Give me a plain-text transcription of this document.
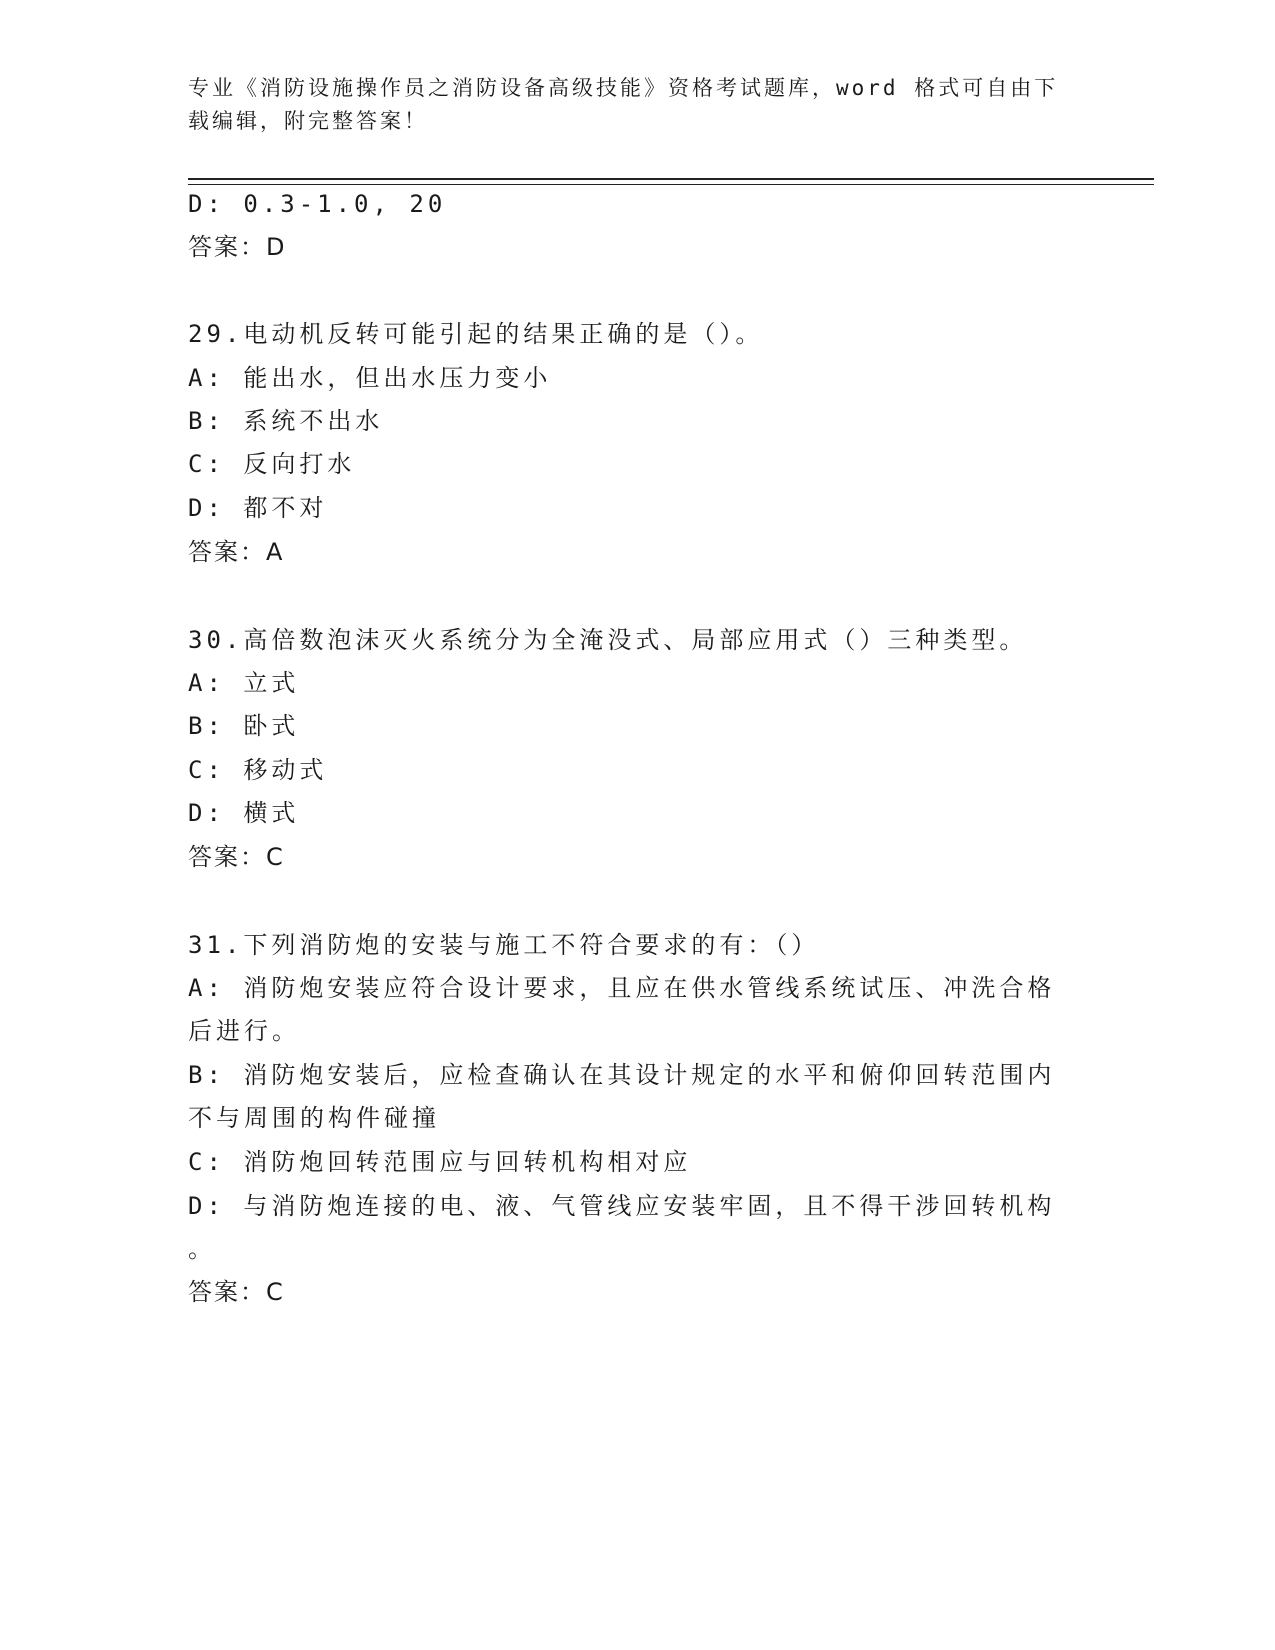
专业《消防设施操作员之消防设备高级技能》资格考试题库，word 格式可自由下
载编辑，附完整答案！
D: 0.3-1.0, 20
答案：D
29.电动机反转可能引起的结果正确的是（）。
A: 能出水，但出水压力变小
B: 系统不出水
C: 反向打水
D: 都不对
答案：A
30.高倍数泡沫灭火系统分为全淹没式、局部应用式（）三种类型。
A: 立式
B: 卧式
C: 移动式
D: 横式
答案：C
31.下列消防炮的安装与施工不符合要求的有：（）
A: 消防炮安装应符合设计要求，且应在供水管线系统试压、冲洗合格
后进行。
B: 消防炮安装后，应检查确认在其设计规定的水平和俯仰回转范围内
不与周围的构件碰撞
C: 消防炮回转范围应与回转机构相对应
D: 与消防炮连接的电、液、气管线应安装牢固，且不得干涉回转机构
。
答案：C
